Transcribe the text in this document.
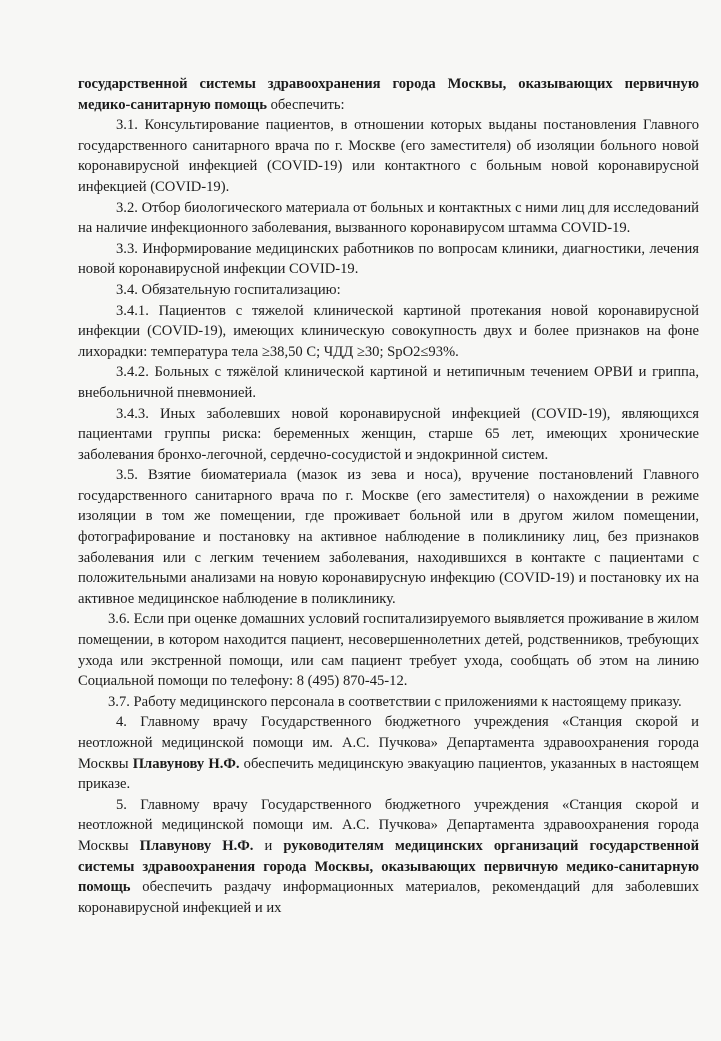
государственной системы здравоохранения города Москвы, оказывающих первичную медико-санитарную помощь обеспечить:

3.1. Консультирование пациентов, в отношении которых выданы постановления Главного государственного санитарного врача по г. Москве (его заместителя) об изоляции больного новой коронавирусной инфекцией (COVID-19) или контактного с больным новой коронавирусной инфекцией (COVID-19).

3.2. Отбор биологического материала от больных и контактных с ними лиц для исследований на наличие инфекционного заболевания, вызванного коронавирусом штамма COVID-19.

3.3. Информирование медицинских работников по вопросам клиники, диагностики, лечения новой коронавирусной инфекции COVID-19.

3.4. Обязательную госпитализацию:

3.4.1. Пациентов с тяжелой клинической картиной протекания новой коронавирусной инфекции (COVID-19), имеющих клиническую совокупность двух и более признаков на фоне лихорадки: температура тела ≥38,50 С; ЧДД ≥30; SpO2≤93%.

3.4.2. Больных с тяжёлой клинической картиной и нетипичным течением ОРВИ и гриппа, внебольничной пневмонией.

3.4.3. Иных заболевших новой коронавирусной инфекцией (COVID-19), являющихся пациентами группы риска: беременных женщин, старше 65 лет, имеющих хронические заболевания бронхо-легочной, сердечно-сосудистой и эндокринной систем.

3.5. Взятие биоматериала (мазок из зева и носа), вручение постановлений Главного государственного санитарного врача по г. Москве (его заместителя) о нахождении в режиме изоляции в том же помещении, где проживает больной или в другом жилом помещении, фотографирование и постановку на активное наблюдение в поликлинику лиц, без признаков заболевания или с легким течением заболевания, находившихся в контакте с пациентами с положительными анализами на новую коронавирусную инфекцию (COVID-19) и постановку их на активное медицинское наблюдение в поликлинику.

3.6. Если при оценке домашних условий госпитализируемого выявляется проживание в жилом помещении, в котором находится пациент, несовершеннолетних детей, родственников, требующих ухода или экстренной помощи, или сам пациент требует ухода, сообщать об этом на линию Социальной помощи по телефону: 8 (495) 870-45-12.

3.7. Работу медицинского персонала в соответствии с приложениями к настоящему приказу.

4. Главному врачу Государственного бюджетного учреждения «Станция скорой и неотложной медицинской помощи им. А.С. Пучкова» Департамента здравоохранения города Москвы Плавунову Н.Ф. обеспечить медицинскую эвакуацию пациентов, указанных в настоящем приказе.

5. Главному врачу Государственного бюджетного учреждения «Станция скорой и неотложной медицинской помощи им. А.С. Пучкова» Департамента здравоохранения города Москвы Плавунову Н.Ф. и руководителям медицинских организаций государственной системы здравоохранения города Москвы, оказывающих первичную медико-санитарную помощь обеспечить раздачу информационных материалов, рекомендаций для заболевших коронавирусной инфекцией и их
